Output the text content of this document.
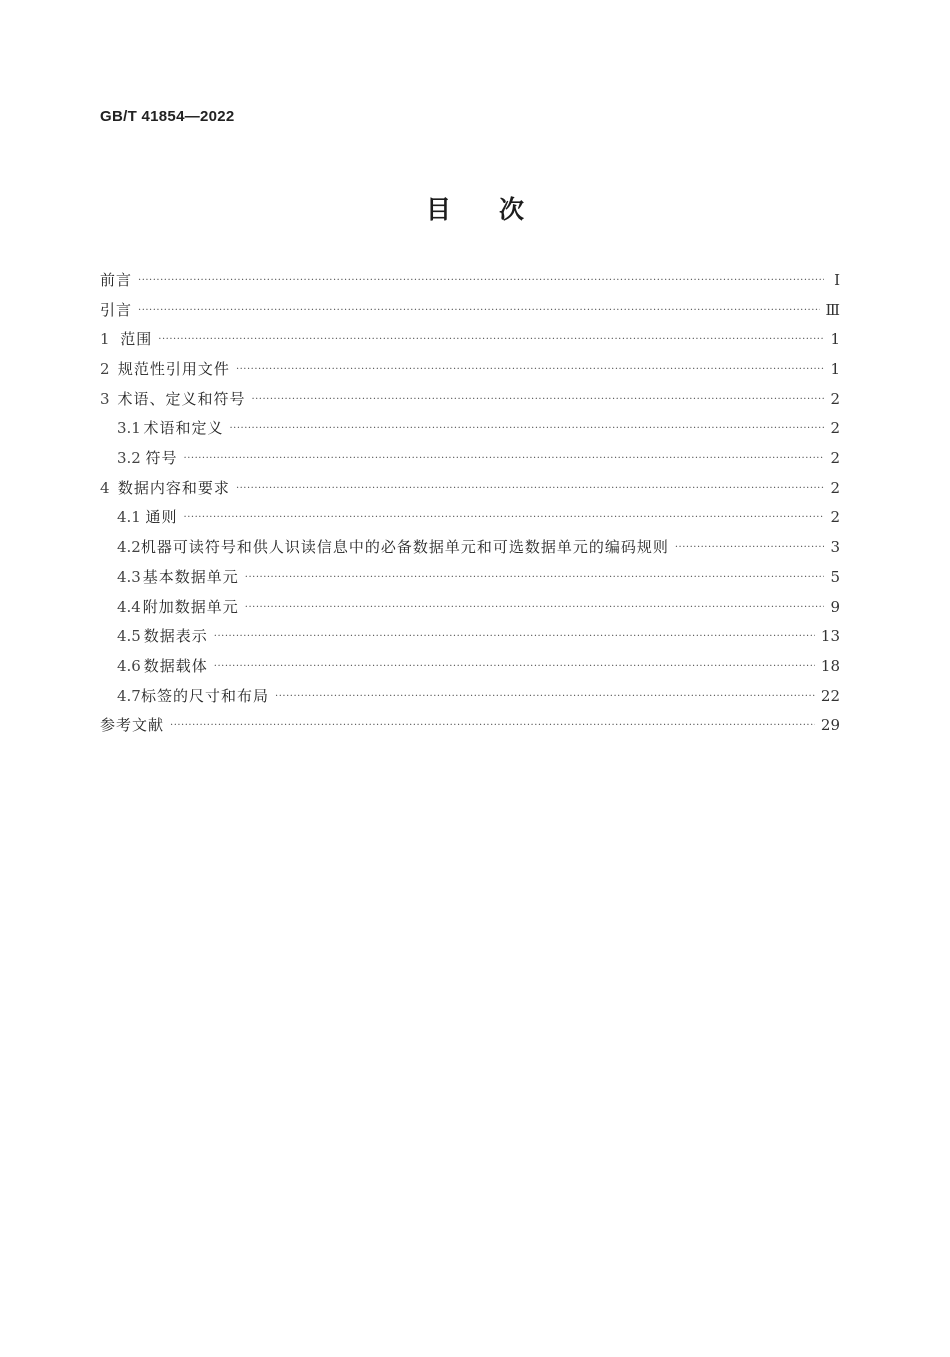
GB/T 41854—2022
目次
前言 ·····	Ⅰ
引言 ·····	Ⅲ
1 范围 ·····	1
2 规范性引用文件 ·····	1
3 术语、定义和符号 ·····	2
3.1 术语和定义 ·····	2
3.2 符号 ·····	2
4 数据内容和要求 ·····	2
4.1 通则 ·····	2
4.2 机器可读符号和供人识读信息中的必备数据单元和可选数据单元的编码规则 ·····	3
4.3 基本数据单元 ·····	5
4.4 附加数据单元 ·····	9
4.5 数据表示 ·····	13
4.6 数据载体 ·····	18
4.7 标签的尺寸和布局 ·····	22
参考文献 ·····	29
